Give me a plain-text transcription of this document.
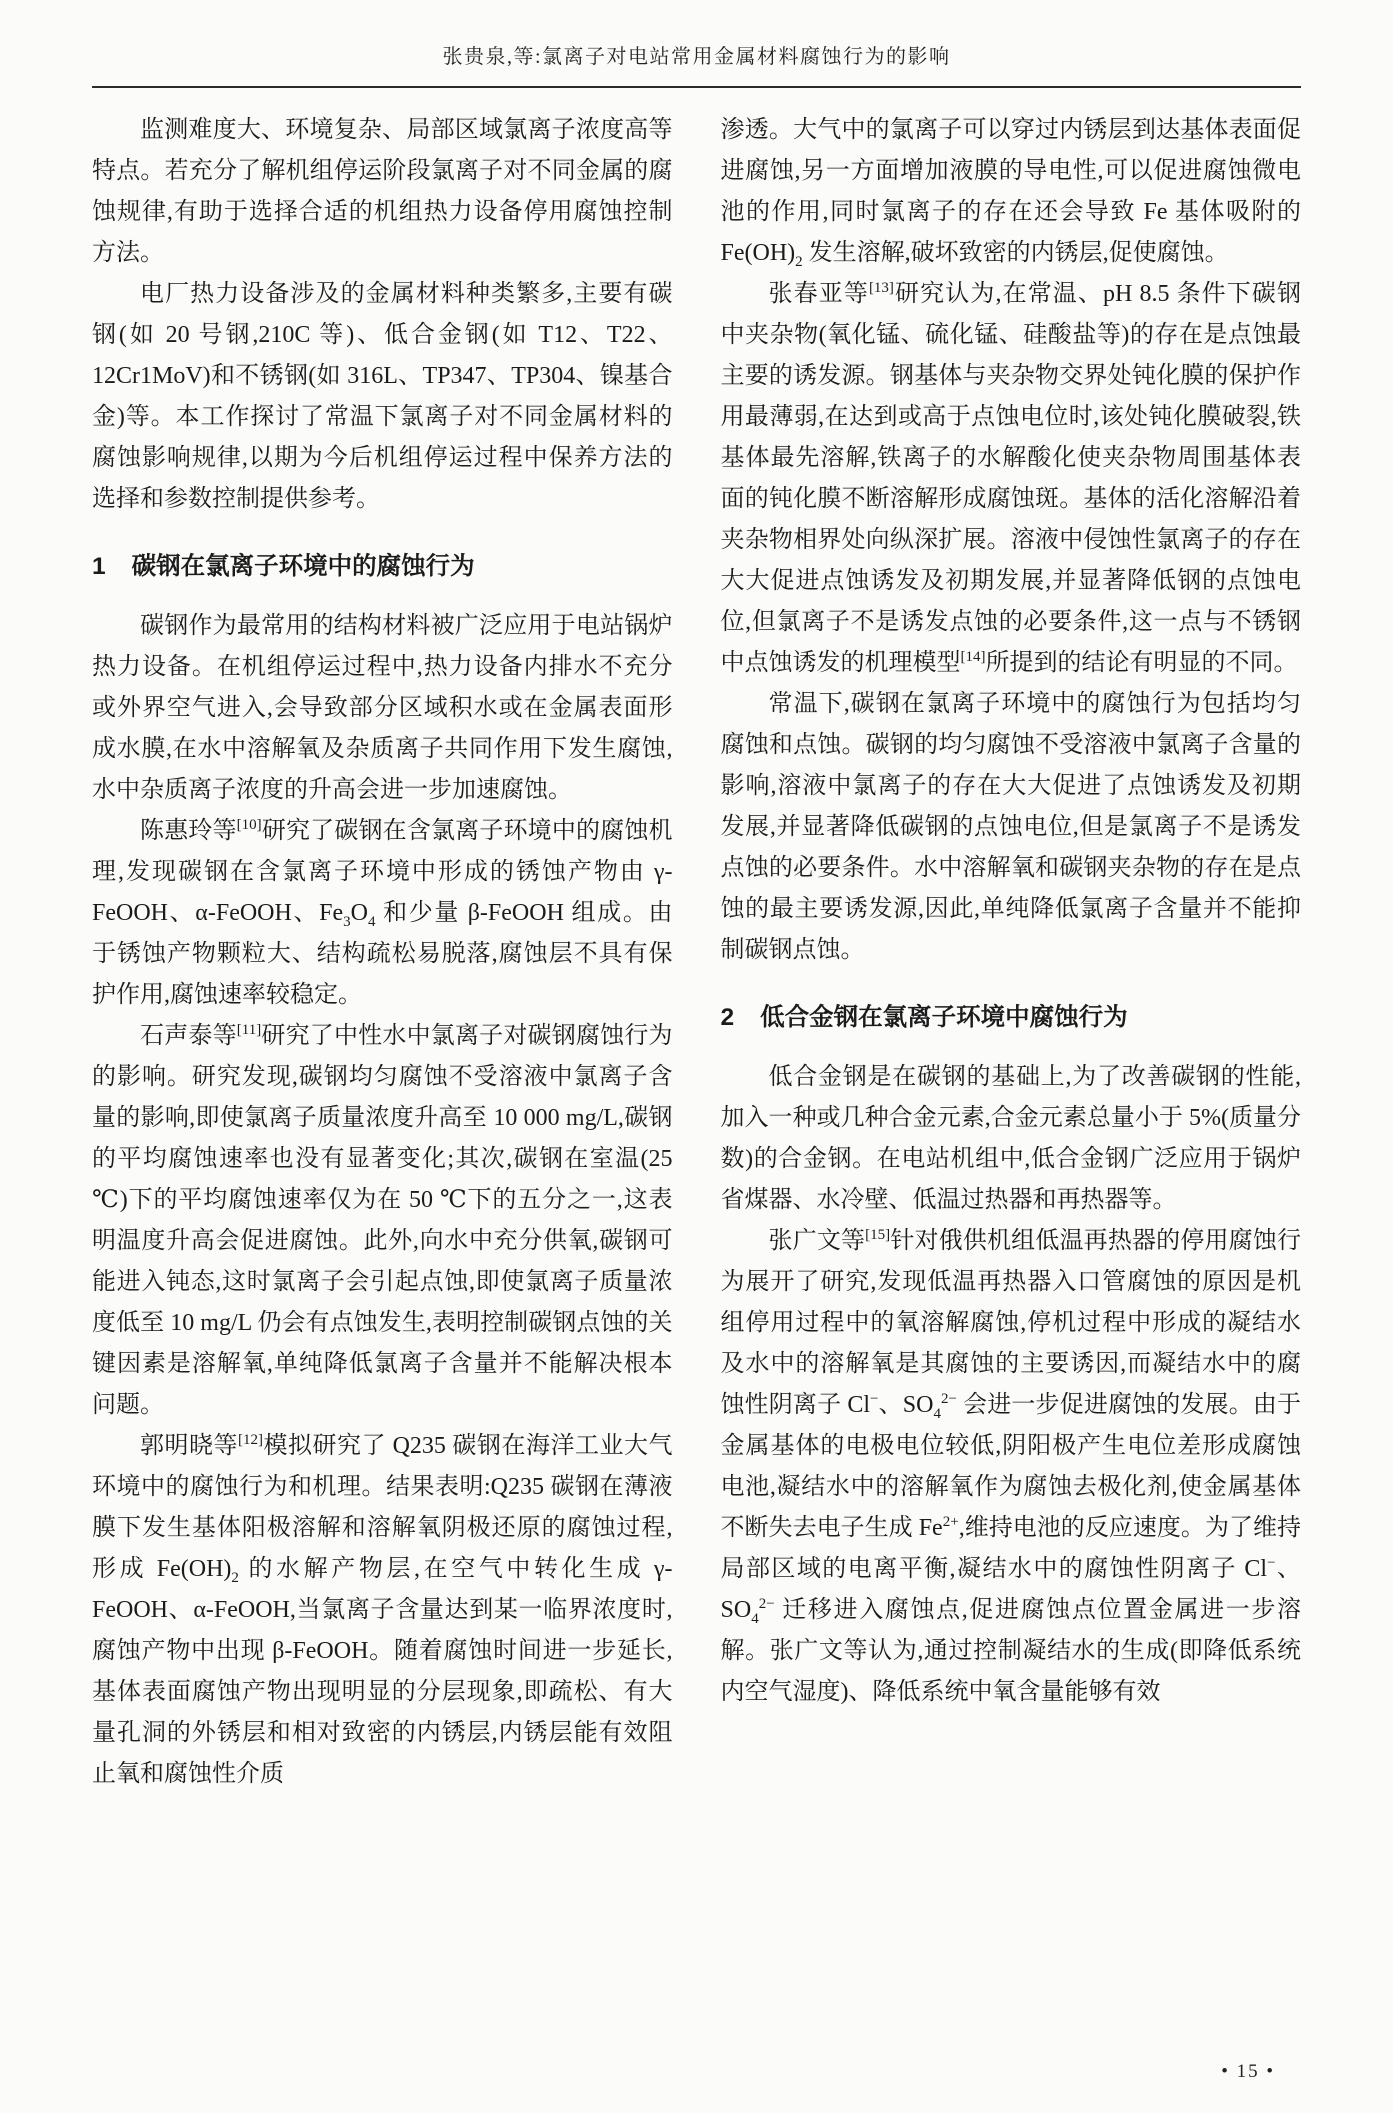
张贵泉,等:氯离子对电站常用金属材料腐蚀行为的影响

监测难度大、环境复杂、局部区域氯离子浓度高等特点。若充分了解机组停运阶段氯离子对不同金属的腐蚀规律,有助于选择合适的机组热力设备停用腐蚀控制方法。

电厂热力设备涉及的金属材料种类繁多,主要有碳钢(如 20 号钢,210C 等)、低合金钢(如 T12、T22、12Cr1MoV)和不锈钢(如 316L、TP347、TP304、镍基合金)等。本工作探讨了常温下氯离子对不同金属材料的腐蚀影响规律,以期为今后机组停运过程中保养方法的选择和参数控制提供参考。

1 碳钢在氯离子环境中的腐蚀行为

碳钢作为最常用的结构材料被广泛应用于电站锅炉热力设备。在机组停运过程中,热力设备内排水不充分或外界空气进入,会导致部分区域积水或在金属表面形成水膜,在水中溶解氧及杂质离子共同作用下发生腐蚀,水中杂质离子浓度的升高会进一步加速腐蚀。

陈惠玲等[10]研究了碳钢在含氯离子环境中的腐蚀机理,发现碳钢在含氯离子环境中形成的锈蚀产物由 γ-FeOOH、α-FeOOH、$Fe_3O_4$ 和少量 β-FeOOH 组成。由于锈蚀产物颗粒大、结构疏松易脱落,腐蚀层不具有保护作用,腐蚀速率较稳定。

石声泰等[11]研究了中性水中氯离子对碳钢腐蚀行为的影响。研究发现,碳钢均匀腐蚀不受溶液中氯离子含量的影响,即使氯离子质量浓度升高至 10 000 mg/L,碳钢的平均腐蚀速率也没有显著变化;其次,碳钢在室温(25 ℃)下的平均腐蚀速率仅为在 50 ℃下的五分之一,这表明温度升高会促进腐蚀。此外,向水中充分供氧,碳钢可能进入钝态,这时氯离子会引起点蚀,即使氯离子质量浓度低至 10 mg/L 仍会有点蚀发生,表明控制碳钢点蚀的关键因素是溶解氧,单纯降低氯离子含量并不能解决根本问题。

郭明晓等[12]模拟研究了 Q235 碳钢在海洋工业大气环境中的腐蚀行为和机理。结果表明:Q235 碳钢在薄液膜下发生基体阳极溶解和溶解氧阴极还原的腐蚀过程,形成 $Fe(OH)_2$ 的水解产物层,在空气中转化生成 γ-FeOOH、α-FeOOH,当氯离子含量达到某一临界浓度时,腐蚀产物中出现 β-FeOOH。随着腐蚀时间进一步延长,基体表面腐蚀产物出现明显的分层现象,即疏松、有大量孔洞的外锈层和相对致密的内锈层,内锈层能有效阻止氧和腐蚀性介质

渗透。大气中的氯离子可以穿过内锈层到达基体表面促进腐蚀,另一方面增加液膜的导电性,可以促进腐蚀微电池的作用,同时氯离子的存在还会导致 Fe 基体吸附的 $Fe(OH)_2$ 发生溶解,破坏致密的内锈层,促使腐蚀。

张春亚等[13]研究认为,在常温、pH 8.5 条件下碳钢中夹杂物(氧化锰、硫化锰、硅酸盐等)的存在是点蚀最主要的诱发源。钢基体与夹杂物交界处钝化膜的保护作用最薄弱,在达到或高于点蚀电位时,该处钝化膜破裂,铁基体最先溶解,铁离子的水解酸化使夹杂物周围基体表面的钝化膜不断溶解形成腐蚀斑。基体的活化溶解沿着夹杂物相界处向纵深扩展。溶液中侵蚀性氯离子的存在大大促进点蚀诱发及初期发展,并显著降低钢的点蚀电位,但氯离子不是诱发点蚀的必要条件,这一点与不锈钢中点蚀诱发的机理模型[14]所提到的结论有明显的不同。

常温下,碳钢在氯离子环境中的腐蚀行为包括均匀腐蚀和点蚀。碳钢的均匀腐蚀不受溶液中氯离子含量的影响,溶液中氯离子的存在大大促进了点蚀诱发及初期发展,并显著降低碳钢的点蚀电位,但是氯离子不是诱发点蚀的必要条件。水中溶解氧和碳钢夹杂物的存在是点蚀的最主要诱发源,因此,单纯降低氯离子含量并不能抑制碳钢点蚀。

2 低合金钢在氯离子环境中腐蚀行为

低合金钢是在碳钢的基础上,为了改善碳钢的性能,加入一种或几种合金元素,合金元素总量小于 5%(质量分数)的合金钢。在电站机组中,低合金钢广泛应用于锅炉省煤器、水冷壁、低温过热器和再热器等。

张广文等[15]针对俄供机组低温再热器的停用腐蚀行为展开了研究,发现低温再热器入口管腐蚀的原因是机组停用过程中的氧溶解腐蚀,停机过程中形成的凝结水及水中的溶解氧是其腐蚀的主要诱因,而凝结水中的腐蚀性阴离子 Cl−、$SO_4^{2-}$ 会进一步促进腐蚀的发展。由于金属基体的电极电位较低,阴阳极产生电位差形成腐蚀电池,凝结水中的溶解氧作为腐蚀去极化剂,使金属基体不断失去电子生成 $Fe^{2+}$,维持电池的反应速度。为了维持局部区域的电离平衡,凝结水中的腐蚀性阴离子 Cl−、$SO_4^{2-}$ 迁移进入腐蚀点,促进腐蚀点位置金属进一步溶解。张广文等认为,通过控制凝结水的生成(即降低系统内空气湿度)、降低系统中氧含量能够有效

• 15 •
